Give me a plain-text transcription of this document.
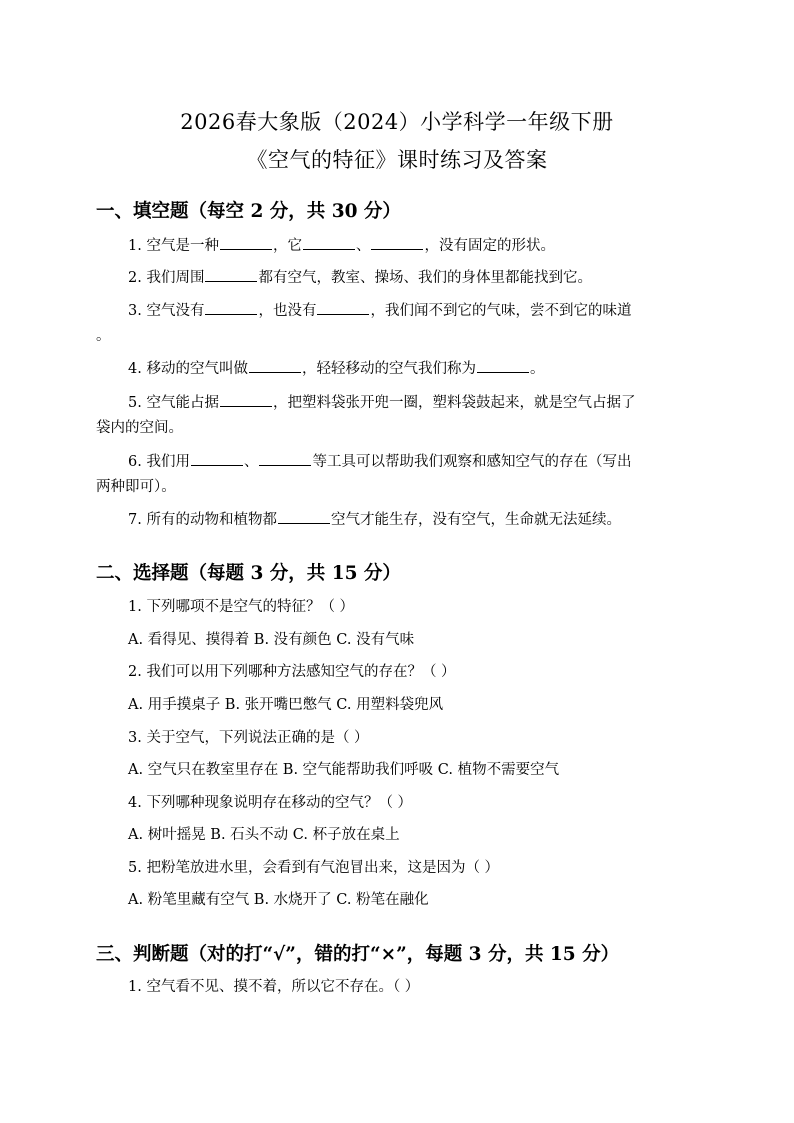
2026春大象版（2024）小学科学一年级下册
《空气的特征》课时练习及答案
一、填空题（每空 2 分，共 30 分）
1. 空气是一种	，它	、	，没有固定的形状。
2. 我们周围	都有空气，教室、操场、我们的身体里都能找到它。
3. 空气没有	，也没有	，我们闻不到它的气味，尝不到它的味道
。
4. 移动的空气叫做	，轻轻移动的空气我们称为	。
5. 空气能占据	，把塑料袋张开兜一圈，塑料袋鼓起来，就是空气占据了
袋内的空间。
6. 我们用	、	等工具可以帮助我们观察和感知空气的存在（写出
两种即可）。
7. 所有的动物和植物都	空气才能生存，没有空气，生命就无法延续。
二、选择题（每题 3 分，共 15 分）
1. 下列哪项不是空气的特征？（ ）
A. 看得见、摸得着 B. 没有颜色 C. 没有气味
2. 我们可以用下列哪种方法感知空气的存在？（ ）
A. 用手摸桌子 B. 张开嘴巴憋气 C. 用塑料袋兜风
3. 关于空气，下列说法正确的是（ ）
A. 空气只在教室里存在 B. 空气能帮助我们呼吸 C. 植物不需要空气
4. 下列哪种现象说明存在移动的空气？（ ）
A. 树叶摇晃 B. 石头不动 C. 杯子放在桌上
5. 把粉笔放进水里，会看到有气泡冒出来，这是因为（ ）
A. 粉笔里藏有空气 B. 水烧开了 C. 粉笔在融化
三、判断题（对的打“√”，错的打“×”，每题 3 分，共 15 分）
1. 空气看不见、摸不着，所以它不存在。（ ）
